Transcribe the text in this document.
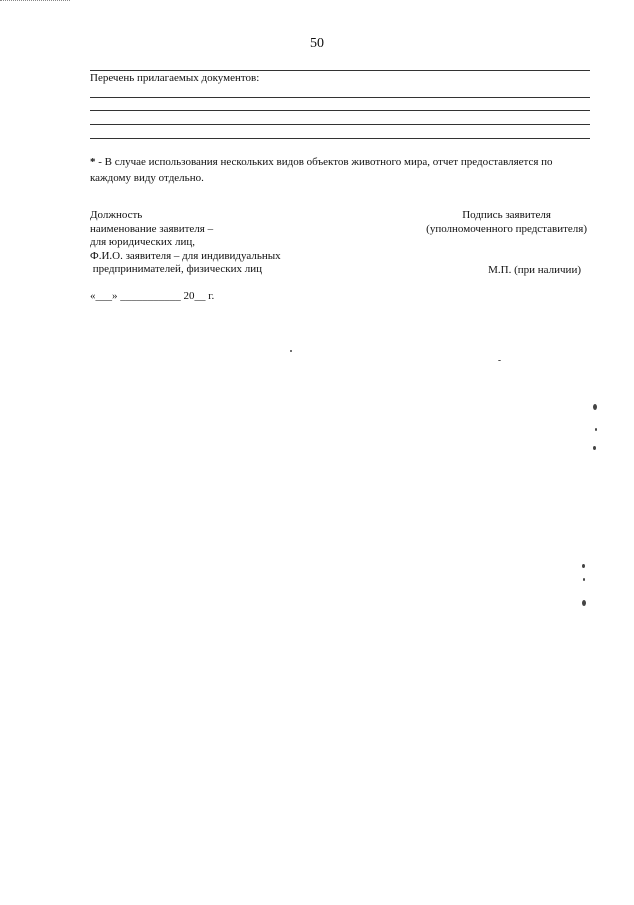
50
Перечень прилагаемых документов:
* - В случае использования нескольких видов объектов животного мира, отчет предоставляется по каждому виду отдельно.
Должность
наименование заявителя –
для юридических лиц,
Ф.И.О. заявителя – для индивидуальных
предпринимателей, физических лиц
Подпись заявителя
(уполномоченного представителя)
М.П. (при наличии)
«___» ___________ 20__ г.
